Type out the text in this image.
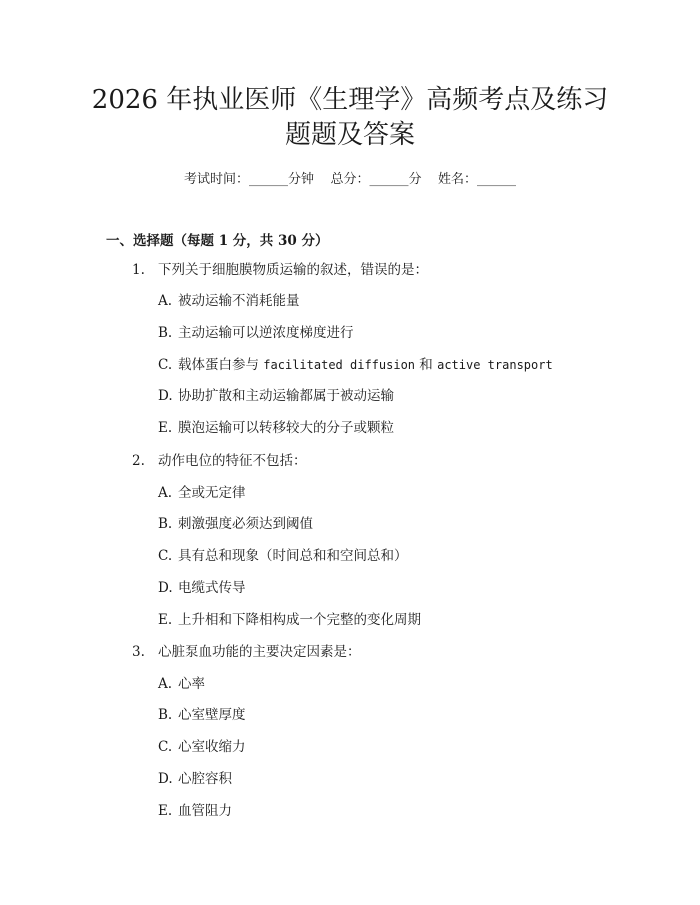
2026 年执业医师《生理学》高频考点及练习
题题及答案
考试时间：______分钟    总分：______分    姓名：______
一、选择题（每题 1 分，共 30 分）
1. 下列关于细胞膜物质运输的叙述，错误的是：
A. 被动运输不消耗能量
B. 主动运输可以逆浓度梯度进行
C. 载体蛋白参与 facilitated diffusion 和 active transport
D. 协助扩散和主动运输都属于被动运输
E. 膜泡运输可以转移较大的分子或颗粒
2. 动作电位的特征不包括：
A. 全或无定律
B. 刺激强度必须达到阈值
C. 具有总和现象（时间总和和空间总和）
D. 电缆式传导
E. 上升相和下降相构成一个完整的变化周期
3. 心脏泵血功能的主要决定因素是：
A. 心率
B. 心室壁厚度
C. 心室收缩力
D. 心腔容积
E. 血管阻力
